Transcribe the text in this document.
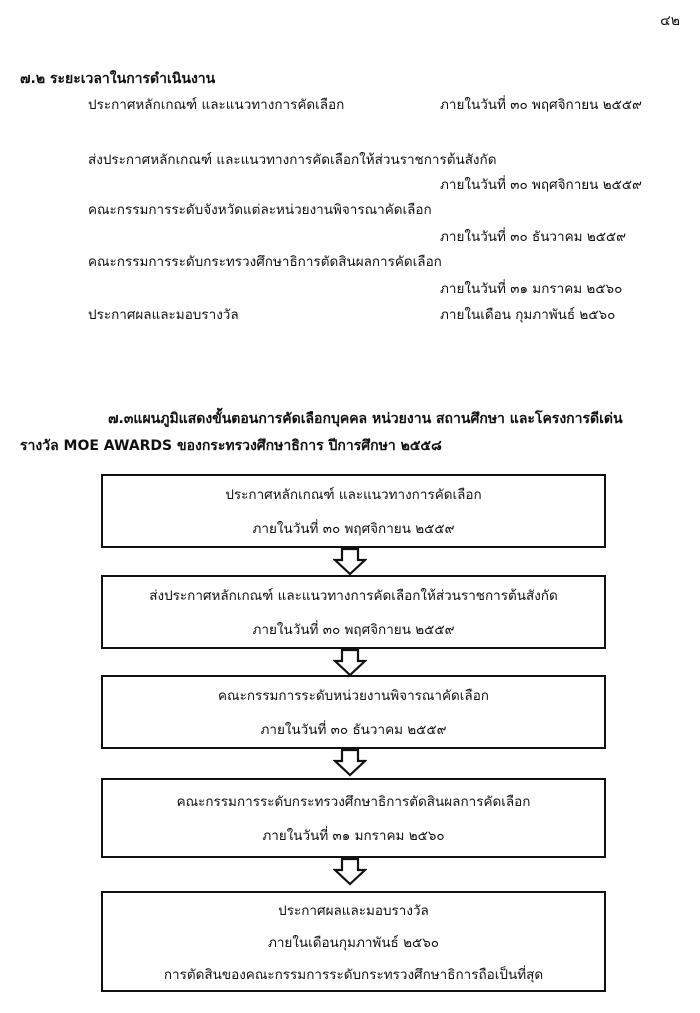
๔๒
๗.๒ ระยะเวลาในการดำเนินงาน
ประกาศหลักเกณฑ์ และแนวทางการคัดเลือก	ภายในวันที่ ๓๐ พฤศจิกายน ๒๕๕๙
ส่งประกาศหลักเกณฑ์ และแนวทางการคัดเลือกให้ส่วนราชการต้นสังกัด
ภายในวันที่ ๓๐ พฤศจิกายน ๒๕๕๙
คณะกรรมการระดับจังหวัดแต่ละหน่วยงานพิจารณาคัดเลือก
ภายในวันที่ ๓๐ ธันวาคม ๒๕๕๙
คณะกรรมการระดับกระทรวงศึกษาธิการตัดสินผลการคัดเลือก
ภายในวันที่ ๓๑ มกราคม ๒๕๖๐
ประกาศผลและมอบรางวัล	ภายในเดือน กุมภาพันธ์ ๒๕๖๐
๗.๓แผนภูมิแสดงขั้นตอนการคัดเลือกบุคคล หน่วยงาน สถานศึกษา และโครงการดีเด่น
รางวัล MOE AWARDS ของกระทรวงศึกษาธิการ ปีการศึกษา ๒๕๕๘
ประกาศหลักเกณฑ์ และแนวทางการคัดเลือก
ภายในวันที่ ๓๐ พฤศจิกายน ๒๕๕๙
ส่งประกาศหลักเกณฑ์ และแนวทางการคัดเลือกให้ส่วนราชการต้นสังกัด
ภายในวันที่ ๓๐ พฤศจิกายน ๒๕๕๙
คณะกรรมการระดับหน่วยงานพิจารณาคัดเลือก
ภายในวันที่ ๓๐ ธันวาคม ๒๕๕๙
คณะกรรมการระดับกระทรวงศึกษาธิการตัดสินผลการคัดเลือก
ภายในวันที่ ๓๑ มกราคม ๒๕๖๐
ประกาศผลและมอบรางวัล
ภายในเดือนกุมภาพันธ์ ๒๕๖๐
การตัดสินของคณะกรรมการระดับกระทรวงศึกษาธิการถือเป็นที่สุด
